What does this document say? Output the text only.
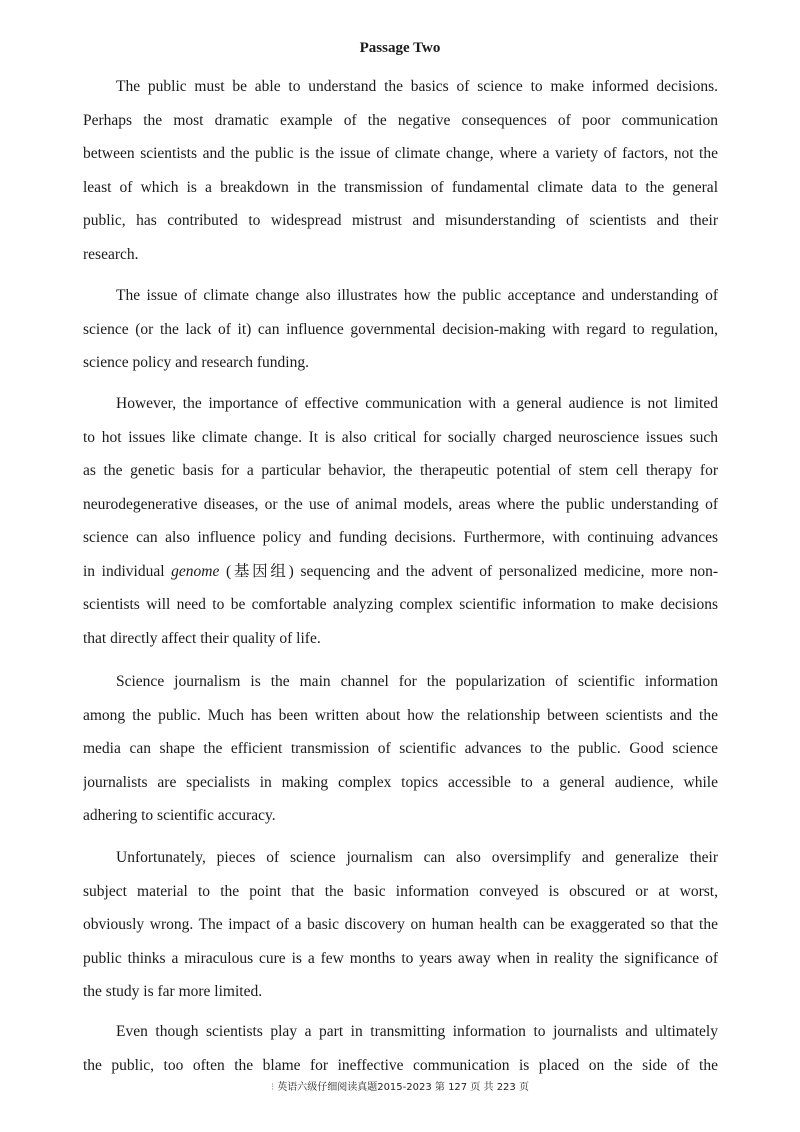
Passage Two
The public must be able to understand the basics of science to make informed decisions.
Perhaps the most dramatic example of the negative consequences of poor communication
between scientists and the public is the issue of climate change, where a variety of factors, not the
least of which is a breakdown in the transmission of fundamental climate data to the general
public, has contributed to widespread mistrust and misunderstanding of scientists and their
research.
The issue of climate change also illustrates how the public acceptance and understanding of
science (or the lack of it) can influence governmental decision-making with regard to regulation,
science policy and research funding.
However, the importance of effective communication with a general audience is not limited
to hot issues like climate change. It is also critical for socially charged neuroscience issues such
as the genetic basis for a particular behavior, the therapeutic potential of stem cell therapy for
neurodegenerative diseases, or the use of animal models, areas where the public understanding of
science can also influence policy and funding decisions. Furthermore, with continuing advances
in individual genome (基因组) sequencing and the advent of personalized medicine, more non-
scientists will need to be comfortable analyzing complex scientific information to make decisions
that directly affect their quality of life.
Science journalism is the main channel for the popularization of scientific information
among the public. Much has been written about how the relationship between scientists and the
media can shape the efficient transmission of scientific advances to the public. Good science
journalists are specialists in making complex topics accessible to a general audience, while
adhering to scientific accuracy.
Unfortunately, pieces of science journalism can also oversimplify and generalize their
subject material to the point that the basic information conveyed is obscured or at worst,
obviously wrong. The impact of a basic discovery on human health can be exaggerated so that the
public thinks a miraculous cure is a few months to years away when in reality the significance of
the study is far more limited.
Even though scientists play a part in transmitting information to journalists and ultimately
the public, too often the blame for ineffective communication is placed on the side of the
⁝ 英语六级仔细阅读真题2015-2023 第 127 页 共 223 页
